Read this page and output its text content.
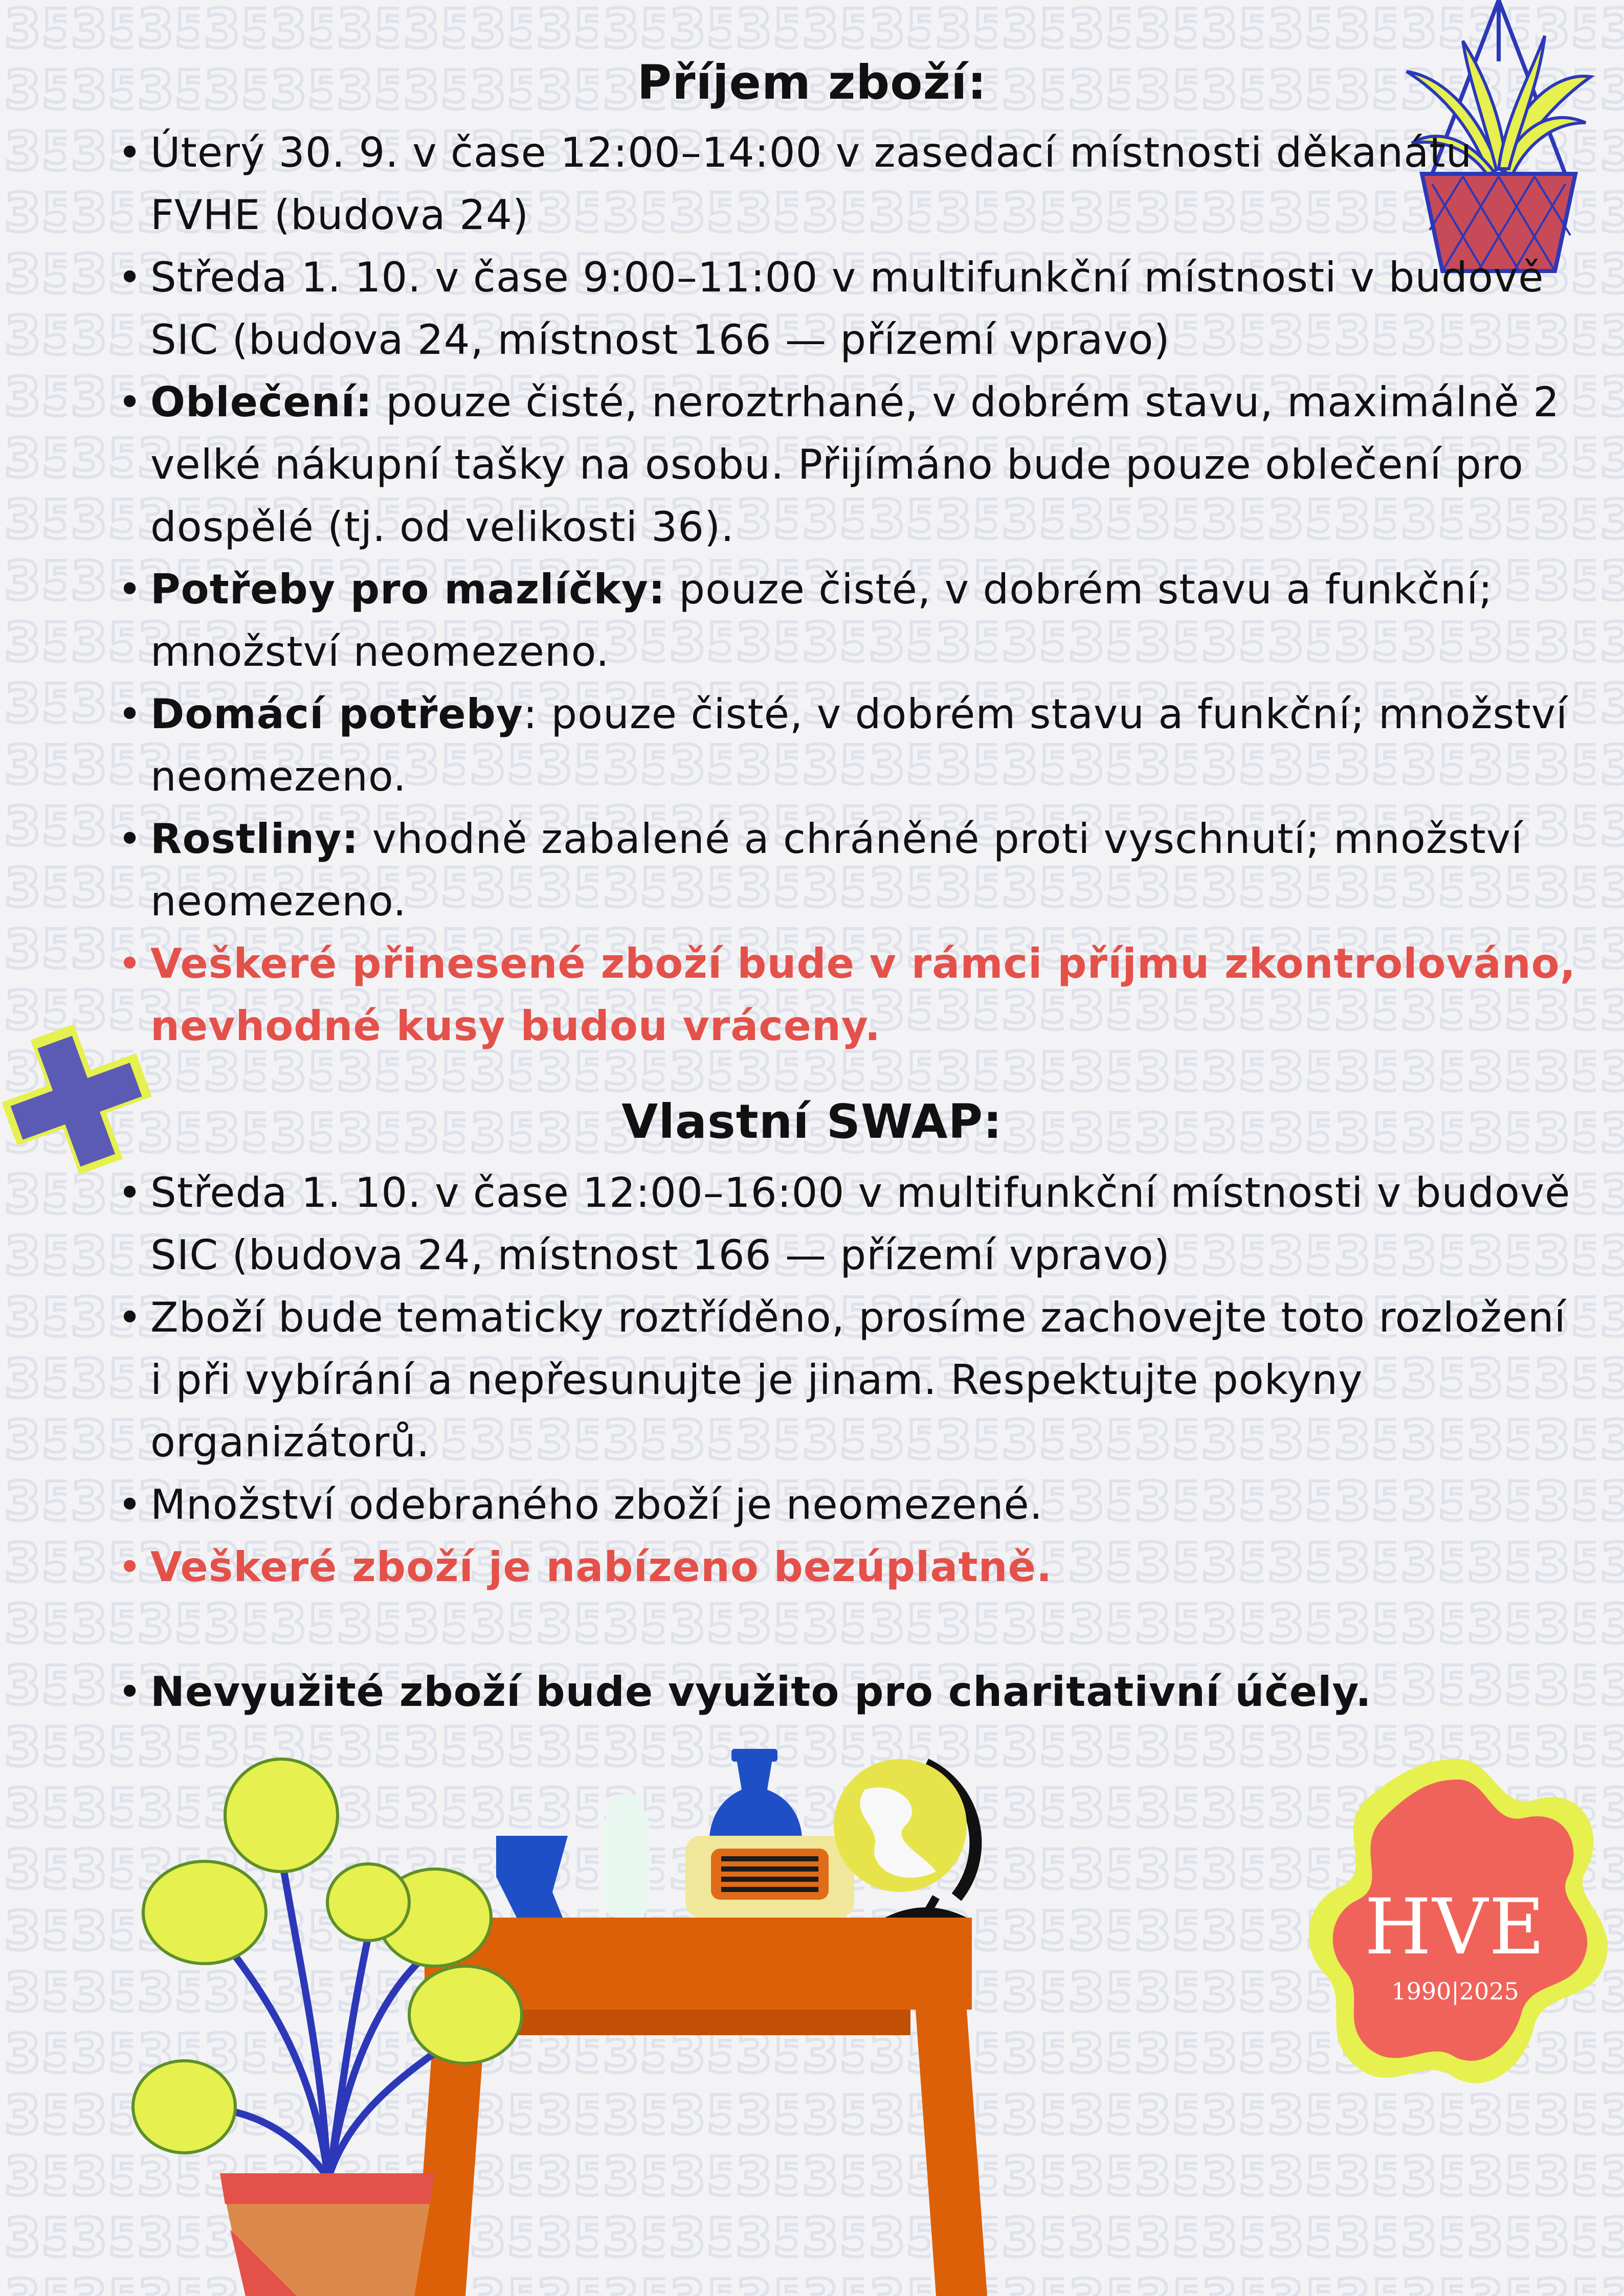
HVE
1990|2025
Příjem zboží:
• Úterý 30. 9. v čase 12:00–14:00 v zasedací místnosti děkanátu FVHE (budova 24)
• Středa 1. 10. v čase 9:00–11:00 v multifunkční místnosti v budově SIC (budova 24, místnost 166 — přízemí vpravo)
• Oblečení: pouze čisté, neroztrhané, v dobrém stavu, maximálně 2 velké nákupní tašky na osobu. Přijímáno bude pouze oblečení pro dospělé (tj. od velikosti 36).
• Potřeby pro mazlíčky: pouze čisté, v dobrém stavu a funkční; množství neomezeno.
• Domácí potřeby: pouze čisté, v dobrém stavu a funkční; množství neomezeno.
• Rostliny: vhodně zabalené a chráněné proti vyschnutí; množství neomezeno.
• Veškeré přinesené zboží bude v rámci příjmu zkontrolováno, nevhodné kusy budou vráceny.
Vlastní SWAP:
• Středa 1. 10. v čase 12:00–16:00 v multifunkční místnosti v budově SIC (budova 24, místnost 166 — přízemí vpravo)
• Zboží bude tematicky roztříděno, prosíme zachovejte toto rozložení i při vybírání a nepřesunujte je jinam. Respektujte pokyny organizátorů.
• Množství odebraného zboží je neomezené.
• Veškeré zboží je nabízeno bezúplatně.
• Nevyužité zboží bude využito pro charitativní účely.
